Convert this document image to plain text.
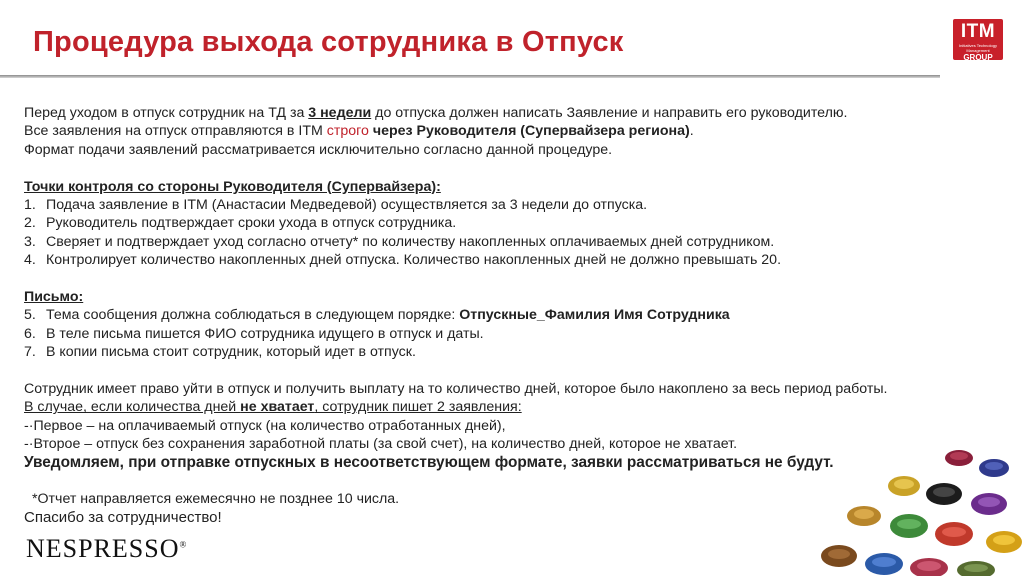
Процедура выхода сотрудника в Отпуск	ITM
Initiatives Technology Management
GROUP
Перед уходом в отпуск сотрудник на ТД за 3 недели до отпуска должен написать Заявление и направить его руководителю.
Все заявления на отпуск отправляются в ITM строго через Руководителя (Супервайзера региона).
Формат подачи заявлений рассматривается исключительно согласно данной процедуре.
Точки контроля со стороны Руководителя (Супервайзера):
1. Подача заявление в ITM (Анастасии Медведевой) осуществляется за 3 недели до отпуска.
2. Руководитель подтверждает сроки ухода в отпуск сотрудника.
3. Сверяет и подтверждает уход согласно отчету* по количеству накопленных оплачиваемых дней сотрудником.
4. Контролирует количество накопленных дней отпуска. Количество накопленных дней не должно превышать 20.
Письмо:
5. Тема сообщения должна соблюдаться в следующем порядке: Отпускные_Фамилия Имя Сотрудника
6. В теле письма пишется ФИО сотрудника идущего в отпуск и даты.
7. В копии письма стоит сотрудник, который идет в отпуск.
Сотрудник имеет право уйти в отпуск и получить выплату на то количество дней, которое было накоплено за весь период работы.
В случае, если количества дней не хватает, сотрудник пишет 2 заявления:
-·Первое – на оплачиваемый отпуск (на количество отработанных дней),
-·Второе – отпуск без сохранения заработной платы (за свой счет), на количество дней, которое не хватает.
Уведомляем, при отправке отпускных в несоответствующем формате, заявки рассматриваться не будут.
*Отчет направляется ежемесячно не позднее 10 числа.
Спасибо за сотрудничество!
NESPRESSO®
